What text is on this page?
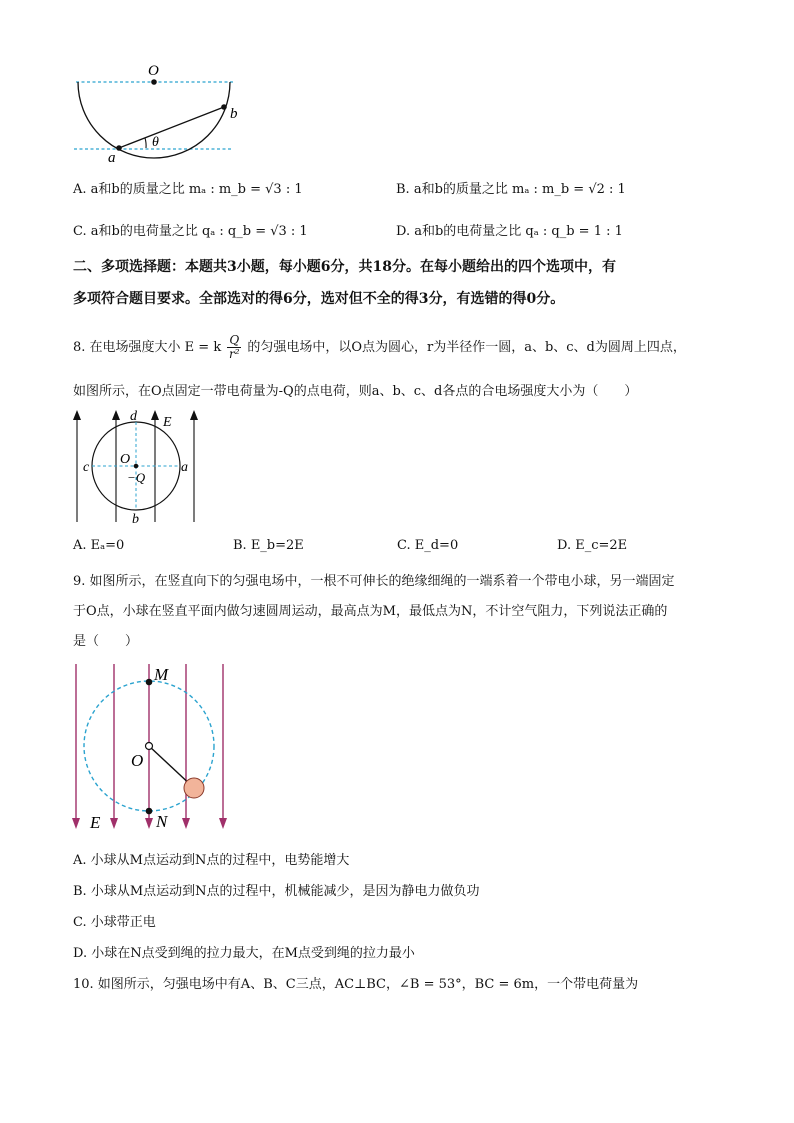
O
b
a
θ
A. a和b的质量之比 mₐ : m_b = √3 : 1	B. a和b的质量之比 mₐ : m_b = √2 : 1
C. a和b的电荷量之比 qₐ : q_b = √3 : 1	D. a和b的电荷量之比 qₐ : q_b = 1 : 1
二、多项选择题：本题共3小题，每小题6分，共18分。在每小题给出的四个选项中，有
多项符合题目要求。全部选对的得6分，选对但不全的得3分，有选错的得0分。
8. 在电场强度大小 E = k $\frac{Q}{\text{r²}}$ 的匀强电场中，以O点为圆心，r为半径作一圆，a、b、c、d为圆周上四点，
如图所示，在O点固定一带电荷量为-Q的点电荷，则a、b、c、d各点的合电场强度大小为（　　）
d E
O
c	a
−Q
b
A. Eₐ=0	B. E_b=2E	C. E_d=0	D. E_c=2E
9. 如图所示，在竖直向下的匀强电场中，一根不可伸长的绝缘细绳的一端系着一个带电小球，另一端固定
于O点，小球在竖直平面内做匀速圆周运动，最高点为M，最低点为N，不计空气阻力，下列说法正确的
是（　　）
M
O
N
E
A. 小球从M点运动到N点的过程中，电势能增大
B. 小球从M点运动到N点的过程中，机械能减少，是因为静电力做负功
C. 小球带正电
D. 小球在N点受到绳的拉力最大，在M点受到绳的拉力最小
10. 如图所示，匀强电场中有A、B、C三点，AC⊥BC，∠B = 53°，BC = 6m，一个带电荷量为
